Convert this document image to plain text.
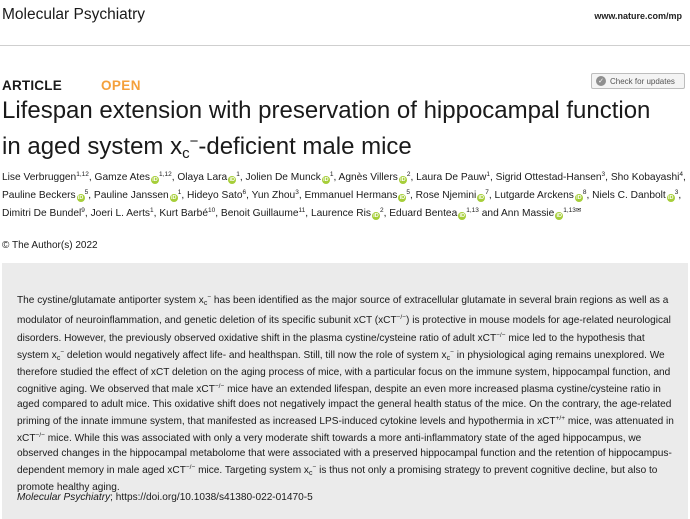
Molecular Psychiatry	www.nature.com/mp
ARTICLE	OPEN	✓ Check for updates
Lifespan extension with preservation of hippocampal function
in aged system $x_c^-$-deficient male mice

Lise Verbruggen$^{1,12}$, Gamze Ates iD$^{1,12}$, Olaya Lara $iD^1$, Jolien De Munck $iD^1$, Agnès Villers $iD^2$, Laura De Pauw$^1$, Sigrid Ottestad-Hansen$^3$, Sho Kobayashi$^4$, Pauline Beckers $iD^5$, Pauline Janssen $iD^1$, Hideyo Sato$^6$, Yun Zhou$^3$, Emmanuel Hermans $iD^5$, Rose Njemini $iD^7$, Lutgarde Arckens $iD^8$, Niels C. Danbolt $iD^3$, Dimitri De Bundel$^9$, Joeri L. Aerts$^1$, Kurt Barbé$^{10}$, Benoit Guillaume$^{11}$, Laurence Ris $iD^2$, Eduard Bentea iD$^{1,13}$ and Ann Massie $iD^{1,13✉}$

© The Author(s) 2022

The cystine/glutamate antiporter system $x_c^-$ has been identified as the major source of extracellular glutamate in several brain regions as well as a modulator of neuroinflammation, and genetic deletion of its specific subunit xCT (xCT−/−) is protective in mouse models for age-related neurological disorders. However, the previously observed oxidative shift in the plasma cystine/cysteine ratio of adult xCT−/− mice led to the hypothesis that system $x_c^-$ deletion would negatively affect life- and healthspan. Still, till now the role of system $x_c^-$ in physiological aging remains unexplored. We therefore studied the effect of xCT deletion on the aging process of mice, with a particular focus on the immune system, hippocampal function, and cognitive aging. We observed that male xCT−/− mice have an extended lifespan, despite an even more increased plasma cystine/cysteine ratio in aged compared to adult mice. This oxidative shift does not negatively impact the general health status of the mice. On the contrary, the age-related priming of the innate immune system, that manifested as increased LPS-induced cytokine levels and hypothermia in xCT+/+ mice, was attenuated in xCT−/− mice. While this was associated with only a very moderate shift towards a more anti-inflammatory state of the aged hippocampus, we observed changes in the hippocampal metabolome that were associated with a preserved hippocampal function and the retention of hippocampus-dependent memory in male aged xCT−/− mice. Targeting system $x_c^-$ is thus not only a promising strategy to prevent cognitive decline, but also to promote healthy aging.

Molecular Psychiatry; https://doi.org/10.1038/s41380-022-01470-5
